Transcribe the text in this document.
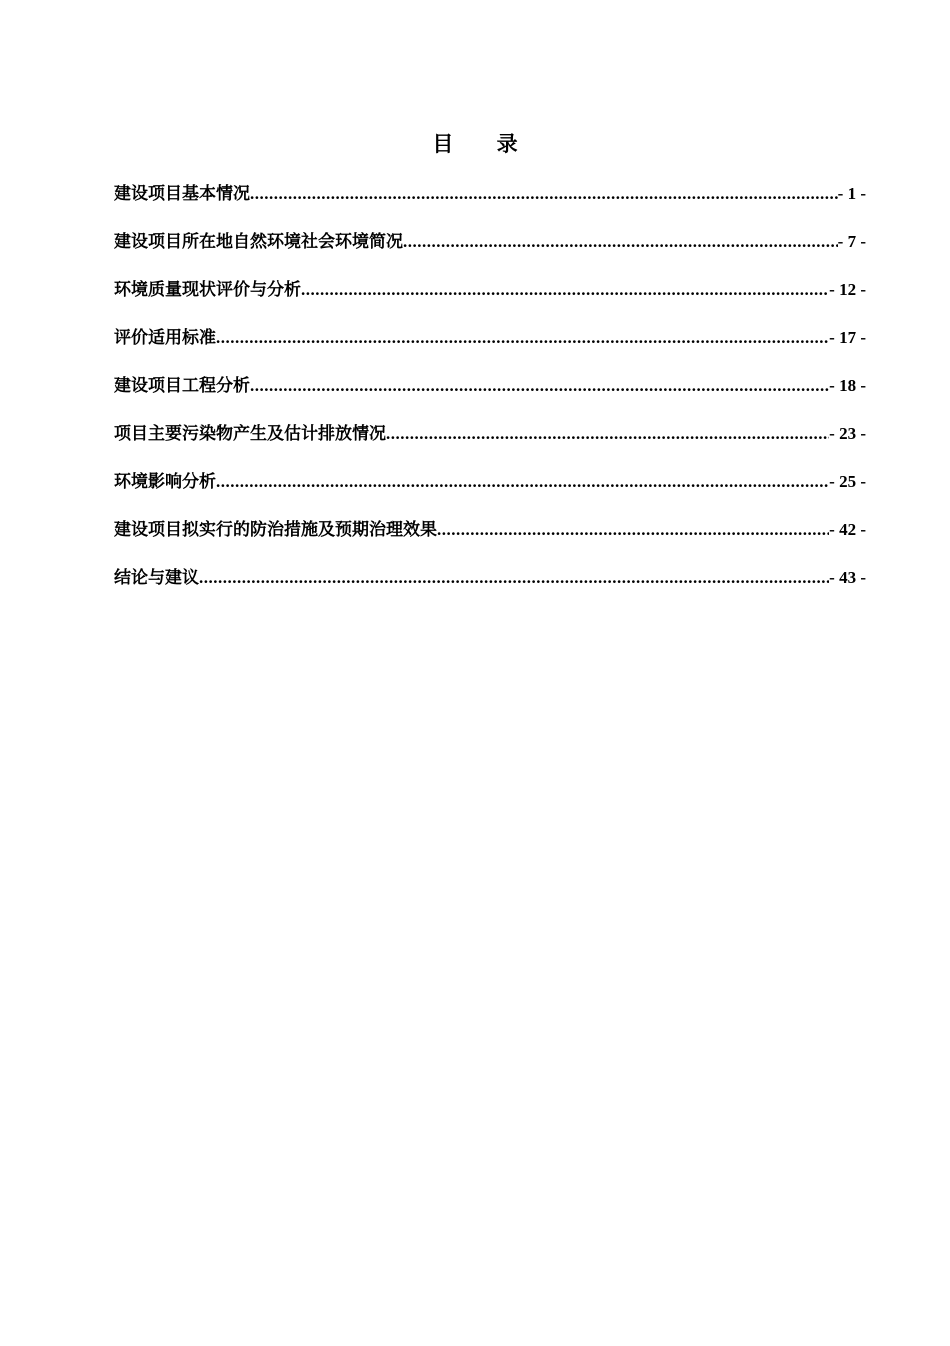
目 录
建设项目基本情况 .....	- 1 -
建设项目所在地自然环境社会环境简况 .....	- 7 -
环境质量现状评价与分析 .....	- 12 -
评价适用标准 .....	- 17 -
建设项目工程分析 .....	- 18 -
项目主要污染物产生及估计排放情况 .....	- 23 -
环境影响分析 .....	- 25 -
建设项目拟实行的防治措施及预期治理效果 .....	- 42 -
结论与建议 .....	- 43 -
